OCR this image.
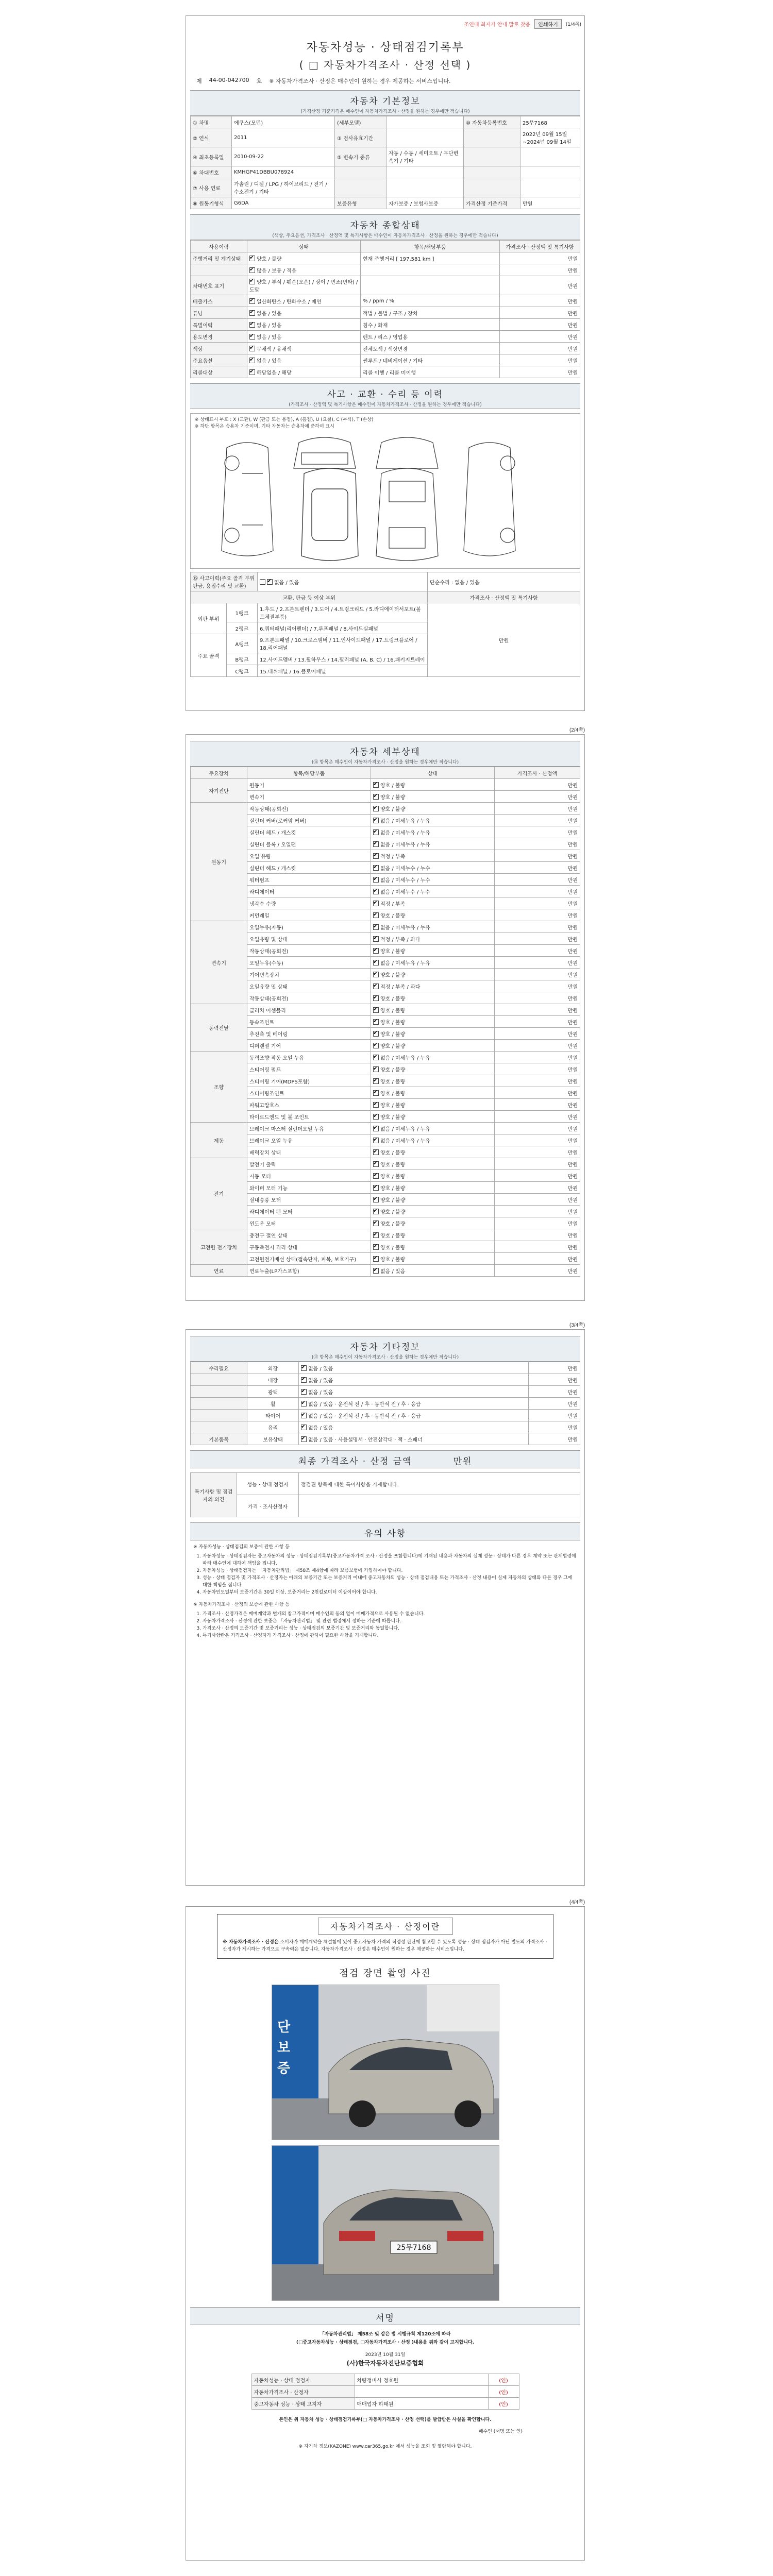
조연대 최저가 안내 말로 찾음	인쇄하기	(1/4쪽)
자동차성능 · 상태점검기록부
( □ 자동차가격조사 · 산정 선택 )
제 44-00-042700 호 ※ 자동차가격조사 · 산정은 매수인이 원하는 경우 제공하는 서비스입니다.
자동차 기본정보
(가격산정 기준가격은 매수인이 자동차가격조사 · 산정을 원하는 경우에만 적습니다)
① 차명	에쿠스(모던)	(세부모델)		⑩ 자동차등록번호	25무7168
② 연식	2011	③ 검사유효기간			2022년 09월 15일 ~2024년 09월 14일
④ 최초등록일	2010-09-22	⑤ 변속기 종류	자동 / 수동 / 세미오토 / 무단변속기 / 기타		
⑥ 차대번호	KMHGP41DBBU078924				
⑦ 사용 연료	가솔린 / 디젤 / LPG / 하이브리드 / 전기 / 수소전기 / 기타				
⑧ 원동기형식	G6DA	보증유형	자가보증 / 보험사보증	가격산정 기준가격	만원
자동차 종합상태
(색상, 주요옵션, 가격조사 · 산정액 및 특기사항은 매수인이 자동차가격조사 · 산정을 원하는 경우에만 적습니다)
사용이력	상태	항목/해당부품	가격조사 · 산정액 및 특기사항
주행거리 및 계기상태	✔양호 / 불량	현재 주행거리 [ 197,581 km ]	만원
	✔많음 / 보통 / 적음		만원
차대번호 표기	✔양호 / 부식 / 훼손(오손) / 상이 / 변조(변타) / 도말		만원
배출가스	✔일산화탄소 / 탄화수소 / 매연	% / ppm / %	만원
튜닝	✔없음 / 있음	적법 / 불법 / 구조 / 장치	만원
특별이력	✔없음 / 있음	침수 / 화재	만원
용도변경	✔없음 / 있음	렌트 / 리스 / 영업용	만원
색상	✔무채색 / 유채색	전체도색 / 색상변경	만원
주요옵션	✔없음 / 있음	썬루프 / 네비게이션 / 기타	만원
리콜대상	✔해당없음 / 해당	리콜 이행 / 리콜 미이행	만원
사고 · 교환 · 수리 등 이력
(가격조사 · 산정액 및 특기사항은 매수인이 자동차가격조사 · 산정을 원하는 경우에만 적습니다)
※ 상태표시 부호 : X (교환), W (판금 또는 용접), A (흠집), U (요철), C (부식), T (손상)
※ 하단 항목은 승용차 기준이며, 기타 자동차는 승용차에 준하여 표시
⑮ 사고이력(주요 골격 부위 판금, 용접수리 및 교환)	✔없음 / 있음	단순수리 : 없음 / 있음
교환, 판금 등 이상 부위			가격조사 · 산정액 및 특기사항
외판 부위	1랭크	1.후드 / 2.프론트펜더 / 3.도어 / 4.트렁크리드 / 5.라디에이터서포트(볼트체결부품)	만원
	2랭크	6.쿼터패널(리어펜더) / 7.루프패널 / 8.사이드실패널	
주요 골격	A랭크	9.프론트패널 / 10.크로스멤버 / 11.인사이드패널 / 17.트렁크플로어 / 18.리어패널	
	B랭크	12.사이드멤버 / 13.휠하우스 / 14.필러패널 (A, B, C) / 16.패키지트레이	
	C랭크	15.대쉬패널 / 16.플로어패널	
(2/4쪽)
자동차 세부상태
(⑯ 항목은 매수인이 자동차가격조사 · 산정을 원하는 경우에만 적습니다)
주요장치	항목/해당부품	상태	가격조사 · 산정액
자기진단	원동기	✔양호 / 불량	만원
	변속기	✔양호 / 불량	만원
원동기	작동상태(공회전)	✔양호 / 불량	만원
	실린더 커버(로커암 커버)	✔없음 / 미세누유 / 누유	만원
	실린더 헤드 / 개스킷	✔없음 / 미세누유 / 누유	만원
	실린더 블록 / 오일팬	✔없음 / 미세누유 / 누유	만원
	오일 유량	✔적정 / 부족	만원
	실린더 헤드 / 개스킷	✔없음 / 미세누수 / 누수	만원
	워터펌프	✔없음 / 미세누수 / 누수	만원
	라디에이터	✔없음 / 미세누수 / 누수	만원
	냉각수 수량	✔적정 / 부족	만원
	커먼레일	✔양호 / 불량	만원
변속기	오일누유(자동)	✔없음 / 미세누유 / 누유	만원
	오일유량 및 상태	✔적정 / 부족 / 과다	만원
	작동상태(공회전)	✔양호 / 불량	만원
	오일누유(수동)	✔없음 / 미세누유 / 누유	만원
	기어변속장치	✔양호 / 불량	만원
	오일유량 및 상태	✔적정 / 부족 / 과다	만원
	작동상태(공회전)	✔양호 / 불량	만원
동력전달	클러치 어셈블리	✔양호 / 불량	만원
	등속조인트	✔양호 / 불량	만원
	추진축 및 베어링	✔양호 / 불량	만원
	디퍼렌셜 기어	✔양호 / 불량	만원
조향	동력조향 작동 오일 누유	✔없음 / 미세누유 / 누유	만원
	스티어링 펌프	✔양호 / 불량	만원
	스티어링 기어(MDPS포함)	✔양호 / 불량	만원
	스티어링조인트	✔양호 / 불량	만원
	파워고압호스	✔양호 / 불량	만원
	타이로드엔드 및 볼 조인트	✔양호 / 불량	만원
제동	브레이크 마스터 실린더오일 누유	✔없음 / 미세누유 / 누유	만원
	브레이크 오일 누유	✔없음 / 미세누유 / 누유	만원
	배력장치 상태	✔양호 / 불량	만원
전기	발전기 출력	✔양호 / 불량	만원
	시동 모터	✔양호 / 불량	만원
	와이퍼 모터 기능	✔양호 / 불량	만원
	실내송풍 모터	✔양호 / 불량	만원
	라디에이터 팬 모터	✔양호 / 불량	만원
	윈도우 모터	✔양호 / 불량	만원
고전원 전기장치	충전구 절연 상태	✔양호 / 불량	만원
	구동축전지 격리 상태	✔양호 / 불량	만원
	고전원전기배선 상태(접속단자, 피복, 보호기구)	✔양호 / 불량	만원
연료	연료누출(LP가스포함)	✔없음 / 있음	만원
(3/4쪽)
자동차 기타정보
(⑰ 항목은 매수인이 자동차가격조사 · 산정을 원하는 경우에만 적습니다)
수리필요	외장	✔없음 / 있음	만원
	내장	✔없음 / 있음	만원
	광택	✔없음 / 있음	만원
	휠	✔없음 / 있음 · 운전석 전 / 후 · 동반석 전 / 후 · 응급	만원
	타이어	✔없음 / 있음 · 운전석 전 / 후 · 동반석 전 / 후 · 응급	만원
	유리	✔없음 / 있음	만원
기본품목	보유상태	✔없음 / 있음 · 사용설명서 · 안전삼각대 · 잭 · 스패너	만원
최종 가격조사 · 산정 금액	만원
특기사항 및 점검자의 의견	성능 · 상태 점검자	점검된 항목에 대한 특이사항을 기재합니다.
	가격 · 조사산정자	
유의 사항
※ 자동차성능 · 상태점검의 보증에 관한 사항 등
1. 자동차성능 · 상태점검자는 중고자동차의 성능 · 상태점검기록부(중고자동차가격 조사 · 산정을 포함합니다)에 기재된 내용과 자동차의 실제 성능 · 상태가 다른 경우 계약 또는 관계법령에 따라 매수인에 대하여 책임을 집니다.
2. 자동차성능 · 상태점검자는 「자동차관리법」 제58조 제4항에 따라 보증보험에 가입하여야 합니다.
3. 성능 · 상태 점검자 및 가격조사 · 산정자는 아래의 보증기간 또는 보증거리 이내에 중고자동차의 성능 · 상태 점검내용 또는 가격조사 · 산정 내용이 실제 자동차의 상태와 다른 경우 그에 대한 책임을 집니다.
4. 자동차인도일부터 보증기간은 30일 이상, 보증거리는 2천킬로미터 이상이어야 합니다.
※ 자동차가격조사 · 산정의 보증에 관한 사항 등
1. 가격조사 · 산정가격은 매매계약과 별개의 참고가격이며 매수인의 동의 없이 매매가격으로 사용될 수 없습니다.
2. 자동차가격조사 · 산정에 관한 보증은 「자동차관리법」 및 관련 법령에서 정하는 기준에 따릅니다.
3. 가격조사 · 산정의 보증기간 및 보증거리는 성능 · 상태점검의 보증기간 및 보증거리와 동일합니다.
4. 특기사항란은 가격조사 · 산정자가 가격조사 · 산정에 관하여 필요한 사항을 기재합니다.
(4/4쪽)
자동차가격조사 · 산정이란
※ 자동차가격조사 · 산정은 소비자가 매매계약을 체결함에 있어 중고자동차 가격의 적정성 판단에 참고할 수 있도록 성능 · 상태 점검자가 아닌 별도의 가격조사 · 산정자가 제시하는 가격으로 구속력은 없습니다. 자동차가격조사 · 산정은 매수인이 원하는 경우 제공하는 서비스입니다.
점검 장면 촬영 사진
단
보
증
25무7168
서명
「자동차관리법」 제58조 및 같은 법 시행규칙 제120조에 따라
(□중고자동차성능 · 상태점검, □자동차가격조사 · 산정 )내용을 위와 같이 고지합니다.
2023년 10월 31일
(사)한국자동차진단보증협회
자동차성능 · 상태 점검자	차량정비사 정효원	(인)
자동차가격조사 · 산정자		(인)
중고자동차 성능 · 상태 고지자	매매업자 하태원	(인)
본인은 위 자동차 성능 · 상태점검기록부(□ 자동차가격조사 · 산정 선택)를 발급받은 사실을 확인합니다.
매수인 (서명 또는 인)
※ 자기차 정보(KAZONE) www.car365.go.kr 에서 성능을 조회 및 열람해야 합니다.
